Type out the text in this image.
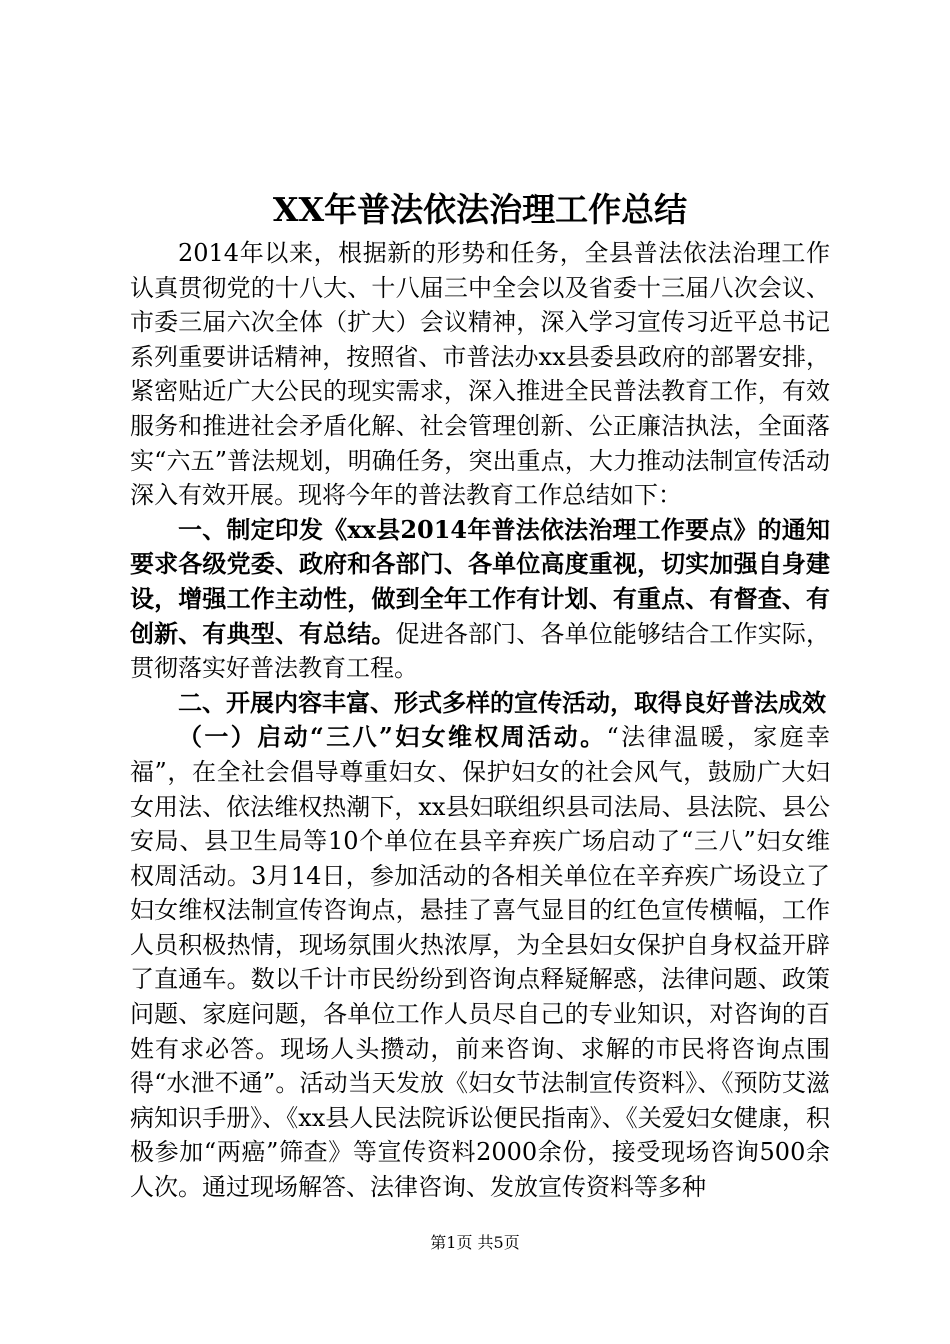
XX年普法依法治理工作总结

2014年以来，根据新的形势和任务，全县普法依法治理工作认真贯彻党的十八大、十八届三中全会以及省委十三届八次会议、市委三届六次全体（扩大）会议精神，深入学习宣传习近平总书记系列重要讲话精神，按照省、市普法办xx县委县政府的部署安排，紧密贴近广大公民的现实需求，深入推进全民普法教育工作，有效服务和推进社会矛盾化解、社会管理创新、公正廉洁执法，全面落实“六五”普法规划，明确任务，突出重点，大力推动法制宣传活动深入有效开展。现将今年的普法教育工作总结如下：

一、制定印发《xx县2014年普法依法治理工作要点》的通知要求各级党委、政府和各部门、各单位高度重视，切实加强自身建设，增强工作主动性，做到全年工作有计划、有重点、有督查、有创新、有典型、有总结。促进各部门、各单位能够结合工作实际，贯彻落实好普法教育工程。

二、开展内容丰富、形式多样的宣传活动，取得良好普法成效

（一）启动“三八”妇女维权周活动。“法律温暖，家庭幸福”，在全社会倡导尊重妇女、保护妇女的社会风气，鼓励广大妇女用法、依法维权热潮下，xx县妇联组织县司法局、县法院、县公安局、县卫生局等10个单位在县辛弃疾广场启动了“三八”妇女维权周活动。3月14日，参加活动的各相关单位在辛弃疾广场设立了妇女维权法制宣传咨询点，悬挂了喜气显目的红色宣传横幅，工作人员积极热情，现场氛围火热浓厚，为全县妇女保护自身权益开辟了直通车。数以千计市民纷纷到咨询点释疑解惑，法律问题、政策问题、家庭问题，各单位工作人员尽自己的专业知识，对咨询的百姓有求必答。现场人头攒动，前来咨询、求解的市民将咨询点围得“水泄不通”。活动当天发放《妇女节法制宣传资料》、《预防艾滋病知识手册》、《xx县人民法院诉讼便民指南》、《关爱妇女健康，积极参加“两癌”筛查》等宣传资料2000余份，接受现场咨询500余人次。通过现场解答、法律咨询、发放宣传资料等多种

第1页 共5页
